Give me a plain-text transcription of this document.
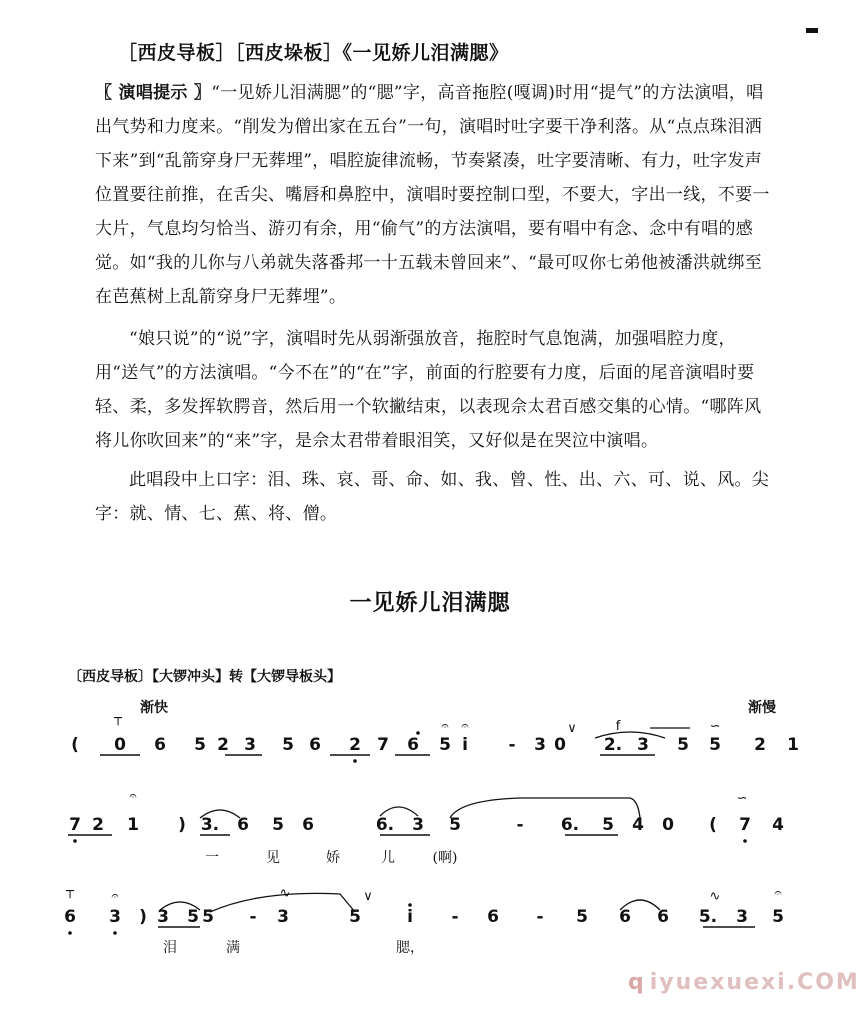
［西皮导板］［西皮垛板］《一见娇儿泪满腮》

〖 演唱提示 〗“一见娇儿泪满腮”的“腮”字，高音拖腔(嘎调)时用“提气”的方法演唱，唱出气势和力度来。“削发为僧出家在五台”一句，演唱时吐字要干净利落。从“点点珠泪洒下来”到“乱箭穿身尸无葬埋”，唱腔旋律流畅，节奏紧凑，吐字要清晰、有力，吐字发声位置要往前推，在舌尖、嘴唇和鼻腔中，演唱时要控制口型，不要大，字出一线，不要一大片，气息均匀恰当、游刃有余，用“偷气”的方法演唱，要有唱中有念、念中有唱的感觉。如“我的儿你与八弟就失落番邦一十五载未曾回来”、“最可叹你七弟他被潘洪就绑至在芭蕉树上乱箭穿身尸无葬埋”。

“娘只说”的“说”字，演唱时先从弱渐强放音，拖腔时气息饱满，加强唱腔力度，用“送气”的方法演唱。“今不在”的“在”字，前面的行腔要有力度，后面的尾音演唱时要轻、柔，多发挥软腭音，然后用一个软撇结束，以表现佘太君百感交集的心情。“哪阵风将儿你吹回来”的“来”字，是佘太君带着眼泪笑，又好似是在哭泣中演唱。

此唱段中上口字：泪、珠、哀、哥、命、如、我、曾、性、出、六、可、说、风。尖字：就、情、七、蕉、将、僧。

一见娇儿泪满腮
〔西皮导板〕【大锣冲头】转【大锣导板头】
( 0 6 5 2 3 5 6 2 7 6 5 i - 3 0 2. 3 5 5 2 1
渐快	渐慢
┬
𝄐 𝄐	∨	f	∽
7 2 1 ) 3. 6 5 6	6. 3 5	- 6. 5 4 0 ( 7 4
一	见	娇	儿	(啊)
𝄐	∽
6 3 ) 3 5 5 - 3	5	i - 6 - 5 6 6 5. 3 5
泪	满	腮，
┬	𝄐	∨
∿	∿	𝄐
q iyuexuexi.COM
